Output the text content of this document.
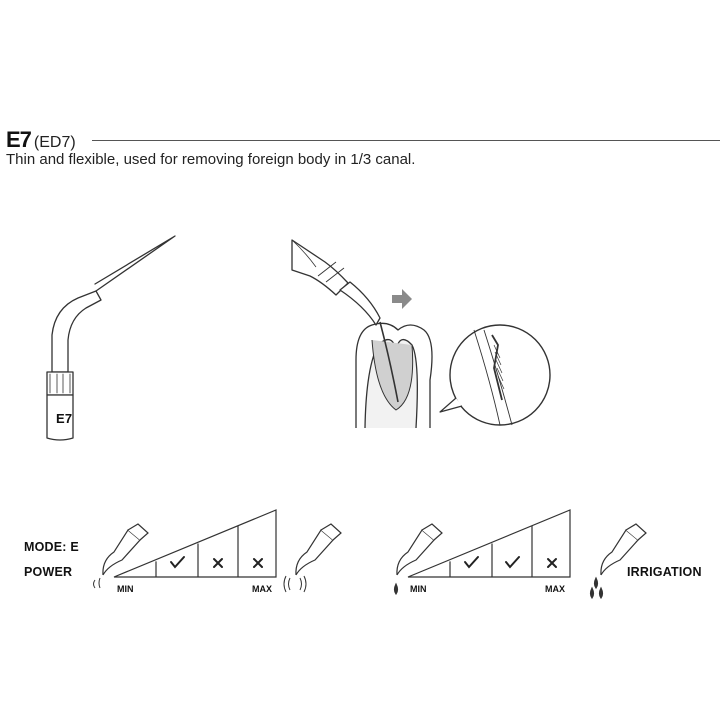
E7 (ED7)
Thin and flexible, used for removing foreign body in 1/3 canal.
E7
MODE: E
POWER
MIN	MAX	MIN	MAX
IRRIGATION
